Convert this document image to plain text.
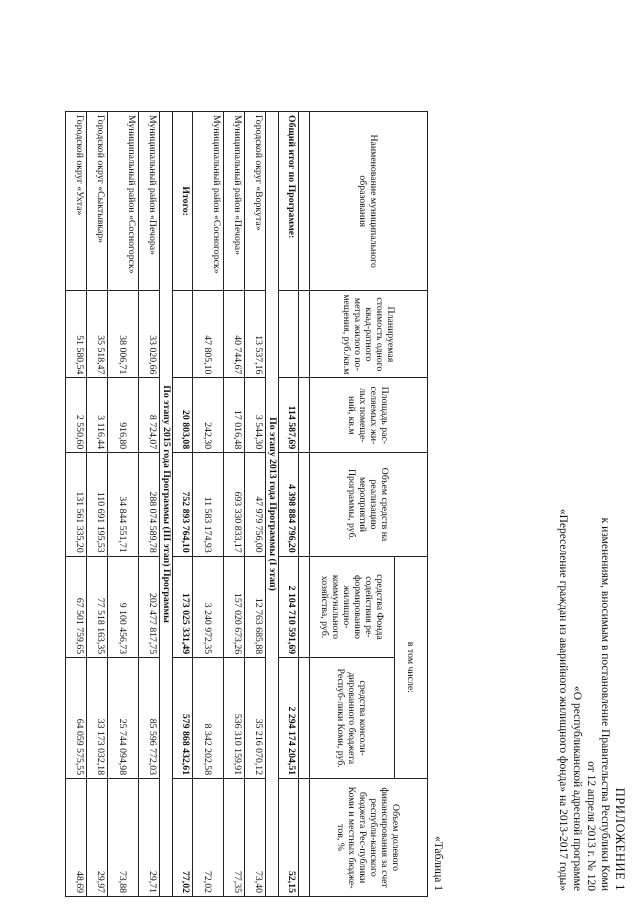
ПРИЛОЖЕНИЕ 1
к изменениям, вносимым в постановление Правительства Республики Коми
от 12 апреля 2013 г. № 120
«О республиканской адресной программе
«Переселение граждан из аварийного жилищного фонда» на 2013-2017 годы»
«Таблица 1
Наименование муниципального образования	Планируемая стоимость одного квад-ратного метра жилого по-мещения, руб./кв.м	Площадь рас-селяемых жи-лых помеще-ний, кв.м	Объем средств на реализацию мероприятий Программы, руб.	в том числе:		Объем долевого финансирования за счет республи-канского бюджета Рес-публики Коми и местных бюдже-тов, %
				средства Фонда содействия ре-формированию жилищно-коммунального хозяйства, руб.	средства консоли-дированного бюджета Респуб-лики Коми, руб.	

Общий итог по Программе:		114 587,69	4 398 884 796,20	2 104 710 591,69	2 294 174 204,51	52,15
По этапу 2013 года Программы (I этап)						
Городской округ «Воркута»	13 537,16	3 544,30	47 979 756,00	12 763 685,88	35 216 070,12	73,40
Муниципальный район «Печора»	40 744,67	17 016,48	693 330 833,17	157 020 673,26	536 310 159,91	77,35
Муниципальный район «Сосногорск»	47 805,10	242,30	11 583 174,93	3 240 972,35	8 342 202,58	72,02
Итого:		20 803,08	752 893 764,10	173 025 331,49	579 868 432,61	77,02
По этапу 2015 года Программы (III этап) Программы						
Муниципальный район «Печора»	33 020,66	8 724,07	288 074 589,78	202 477 817,75	85 596 772,03	29,71
Муниципальный район «Сосногорск»	38 006,71	916,80	34 844 551,71	9 100 456,73	25 744 094,98	73,88
Городской округ «Сыктывкар»	35 518,47	3 116,44	110 691 195,53	77 518 163,35	33 173 032,18	29,97
Городской округ «Ухта»	51 580,54	2 550,60	131 561 335,20	67 501 759,65	64 059 575,55	48,69
